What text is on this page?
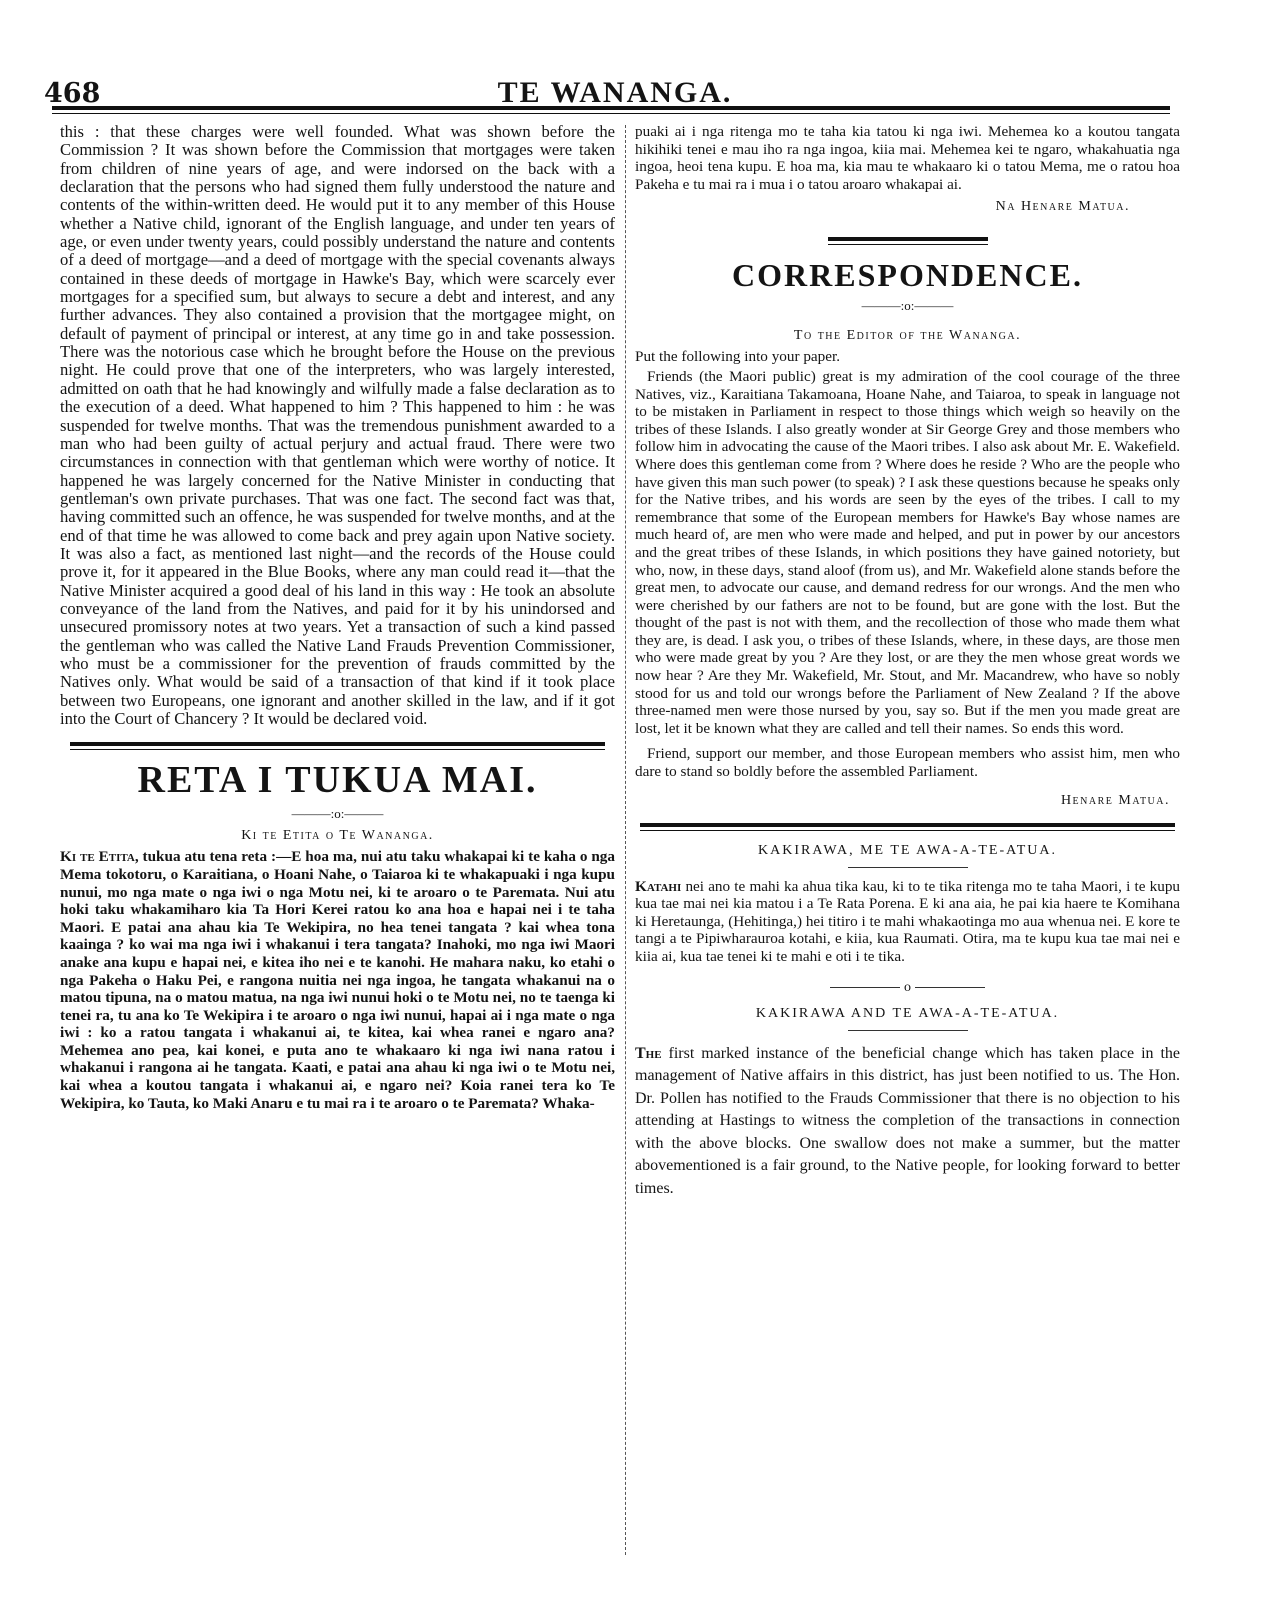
468	TE WANANGA.

this : that these charges were well founded. What was shown before the Commission ? It was shown before the Commission that mortgages were taken from children of nine years of age, and were indorsed on the back with a declaration that the persons who had signed them fully understood the nature and contents of the within-written deed. He would put it to any member of this House whether a Native child, ignorant of the English language, and under ten years of age, or even under twenty years, could possibly understand the nature and contents of a deed of mortgage—and a deed of mortgage with the special covenants always contained in these deeds of mortgage in Hawke's Bay, which were scarcely ever mortgages for a specified sum, but always to secure a debt and interest, and any further advances. They also contained a provision that the mortgagee might, on default of payment of principal or interest, at any time go in and take possession. There was the notorious case which he brought before the House on the previous night. He could prove that one of the interpreters, who was largely interested, admitted on oath that he had knowingly and wilfully made a false declaration as to the execution of a deed. What happened to him ? This happened to him : he was suspended for twelve months. That was the tremendous punishment awarded to a man who had been guilty of actual perjury and actual fraud. There were two circumstances in connection with that gentleman which were worthy of notice. It happened he was largely concerned for the Native Minister in conducting that gentleman's own private purchases. That was one fact. The second fact was that, having committed such an offence, he was suspended for twelve months, and at the end of that time he was allowed to come back and prey again upon Native society. It was also a fact, as mentioned last night—and the records of the House could prove it, for it appeared in the Blue Books, where any man could read it—that the Native Minister acquired a good deal of his land in this way : He took an absolute conveyance of the land from the Natives, and paid for it by his unindorsed and unsecured promissory notes at two years. Yet a transaction of such a kind passed the gentleman who was called the Native Land Frauds Prevention Commissioner, who must be a commissioner for the prevention of frauds committed by the Natives only. What would be said of a transaction of that kind if it took place between two Europeans, one ignorant and another skilled in the law, and if it got into the Court of Chancery ? It would be declared void.

RETA I TUKUA MAI.
———:o:———
Ki te Etita o Te Wananga.

Ki te Etita, tukua atu tena reta :—E hoa ma, nui atu taku whakapai ki te kaha o nga Mema tokotoru, o Karaitiana, o Hoani Nahe, o Taiaroa ki te whakapuaki i nga kupu nunui, mo nga mate o nga iwi o nga Motu nei, ki te aroaro o te Paremata. Nui atu hoki taku whakamiharo kia Ta Hori Kerei ratou ko ana hoa e hapai nei i te taha Maori. E patai ana ahau kia Te Wekipira, no hea tenei tangata ? kai whea tona kaainga ? ko wai ma nga iwi i whakanui i tera tangata? Inahoki, mo nga iwi Maori anake ana kupu e hapai nei, e kitea iho nei e te kanohi. He mahara naku, ko etahi o nga Pakeha o Haku Pei, e rangona nuitia nei nga ingoa, he tangata whakanui na o matou tipuna, na o matou matua, na nga iwi nunui hoki o te Motu nei, no te taenga ki tenei ra, tu ana ko Te Wekipira i te aroaro o nga iwi nunui, hapai ai i nga mate o nga iwi : ko a ratou tangata i whakanui ai, te kitea, kai whea ranei e ngaro ana? Mehemea ano pea, kai konei, e puta ano te whakaaro ki nga iwi nana ratou i whakanui i rangona ai he tangata. Kaati, e patai ana ahau ki nga iwi o te Motu nei, kai whea a koutou tangata i whakanui ai, e ngaro nei? Koia ranei tera ko Te Wekipira, ko Tauta, ko Maki Anaru e tu mai ra i te aroaro o te Paremata? Whaka-

puaki ai i nga ritenga mo te taha kia tatou ki nga iwi. Mehemea ko a koutou tangata hikihiki tenei e mau iho ra nga ingoa, kiia mai. Mehemea kei te ngaro, whakahuatia nga ingoa, heoi tena kupu. E hoa ma, kia mau te whakaaro ki o tatou Mema, me o ratou hoa Pakeha e tu mai ra i mua i o tatou aroaro whakapai ai.

Na Henare Matua.
CORRESPONDENCE.
———:o:———
To the Editor of the Wananga.

Put the following into your paper.

Friends (the Maori public) great is my admiration of the cool courage of the three Natives, viz., Karaitiana Takamoana, Hoane Nahe, and Taiaroa, to speak in language not to be mistaken in Parliament in respect to those things which weigh so heavily on the tribes of these Islands. I also greatly wonder at Sir George Grey and those members who follow him in advocating the cause of the Maori tribes. I also ask about Mr. E. Wakefield. Where does this gentleman come from ? Where does he reside ? Who are the people who have given this man such power (to speak) ? I ask these questions because he speaks only for the Native tribes, and his words are seen by the eyes of the tribes. I call to my remembrance that some of the European members for Hawke's Bay whose names are much heard of, are men who were made and helped, and put in power by our ancestors and the great tribes of these Islands, in which positions they have gained notoriety, but who, now, in these days, stand aloof (from us), and Mr. Wakefield alone stands before the great men, to advocate our cause, and demand redress for our wrongs. And the men who were cherished by our fathers are not to be found, but are gone with the lost. But the thought of the past is not with them, and the recollection of those who made them what they are, is dead. I ask you, o tribes of these Islands, where, in these days, are those men who were made great by you ? Are they lost, or are they the men whose great words we now hear ? Are they Mr. Wakefield, Mr. Stout, and Mr. Macandrew, who have so nobly stood for us and told our wrongs before the Parliament of New Zealand ? If the above three-named men were those nursed by you, say so. But if the men you made great are lost, let it be known what they are called and tell their names. So ends this word.

Friend, support our member, and those European members who assist him, men who dare to stand so boldly before the assembled Parliament.

Henare Matua.
KAKIRAWA, ME TE AWA-A-TE-ATUA.

Katahi nei ano te mahi ka ahua tika kau, ki to te tika ritenga mo te taha Maori, i te kupu kua tae mai nei kia matou i a Te Rata Porena. E ki ana aia, he pai kia haere te Komihana ki Heretaunga, (Hehitinga,) hei titiro i te mahi whakaotinga mo aua whenua nei. E kore te tangi a te Pipiwharauroa kotahi, e kiia, kua Raumati. Otira, ma te kupu kua tae mai nei e kiia ai, kua tae tenei ki te mahi e oti i te tika.

o
KAKIRAWA AND TE AWA-A-TE-ATUA.

The first marked instance of the beneficial change which has taken place in the management of Native affairs in this district, has just been notified to us. The Hon. Dr. Pollen has notified to the Frauds Commissioner that there is no objection to his attending at Hastings to witness the completion of the transactions in connection with the above blocks. One swallow does not make a summer, but the matter abovementioned is a fair ground, to the Native people, for looking forward to better times.
